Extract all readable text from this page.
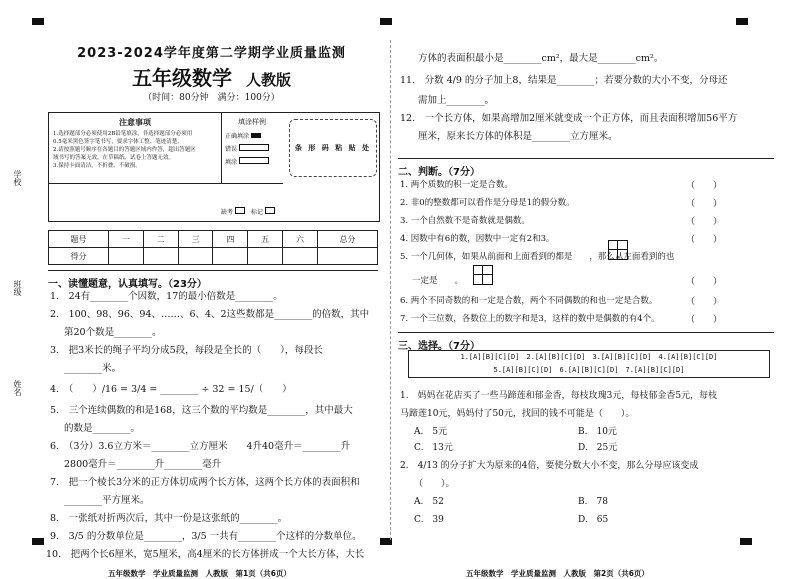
学校
班级
姓名
2023-2024学年度第二学期学业质量监测
五年级数学 人教版
（时间：80分钟　满分：100分）
注意事项
1.选择题部分必须使用2B铅笔填涂，非选择题部分必须用
0.5毫米黑色签字笔书写，要求字体工整、笔迹清楚。
2.请按照题号顺序在各题目的答题区域内作答，超出答题区
域书写的答案无效，在草稿纸、试卷上答题无效。
3.保持卡面清洁，不折叠、不破损。
填涂样例
正确填涂
错误
填涂
条 形 码 粘 贴 处
缺考 　	标记
题号	一	二	三	四	五	六	总分
得分							
一、读懂题意，认真填写。（23分）
1.　24有________个因数，17的最小倍数是________。
2.　100、98、96、94、……、6、4、2这些数都是________的倍数，其中
第20个数是________。
3.　把3米长的绳子平均分成5段，每段是全长的（　　），每段长
________米。
4.　（　　）/16 = 3/4 = ________ ÷ 32 = 15/（　　）
5.　三个连续偶数的和是168，这三个数的平均数是________，其中最大
的数是________。
6.　（3分）3.6立方米＝________立方厘米　　4升40毫升＝________升
2800毫升＝________升________毫升
7.　把一个棱长3分米的正方体切成两个长方体，这两个长方体的表面积和
________平方厘米。
8.　一张纸对折两次后，其中一份是这张纸的________。
9.　3/5 的分数单位是________，3/5 一共有________个这样的分数单位。
10.　把两个长6厘米，宽5厘米，高4厘米的长方体拼成一个大长方体，大长
五年级数学　学业质量监测　人教版　第1页（共6页）
方体的表面积最小是________cm²，最大是________cm²。
11.　分数 4/9 的分子加上8，结果是________；若要分数的大小不变，分母还
需加上________。
12.　一个长方体，如果高增加2厘米就变成一个正方体，而且表面积增加56平方
厘米，原来长方体的体积是________立方厘米。
二、判断。（7分）
1. 两个质数的积一定是合数。	（　　）
2. 非0的整数都可以看作是分母是1的假分数。	（　　）
3. 一个自然数不是奇数就是偶数。	（　　）
4. 因数中有6的数，因数中一定有2和3。	（　　）
5. 一个几何体，如果从前面和上面看到的都是　　，那么从左面看到的也

一定是　　。	（　　）
6. 两个不同奇数的和一定是合数，两个不同偶数的和也一定是合数。	（　　）
7. 一个三位数，各数位上的数字和是3，这样的数中是偶数的有4个。	（　　）
三、选择。（7分）
1.[A][B][C][D]　2.[A][B][C][D]　3.[A][B][C][D]　4.[A][B][C][D]
5.[A][B][C][D]　6.[A][B][C][D]　7.[A][B][C][D]
1.　妈妈在花店买了一些马蹄莲和郁金香，每枝玫瑰3元，每枝郁金香5元，每枝
马蹄莲10元，妈妈付了50元，找回的钱不可能是（　　）。
A.　5元	B.　10元
C.　13元	D.　25元
2.　4/13 的分子扩大为原来的4倍，要使分数大小不变，那么分母应该变成
（　　）。
A.　52	B.　78
C.　39	D.　65
五年级数学　学业质量监测　人教版　第2页（共6页）
